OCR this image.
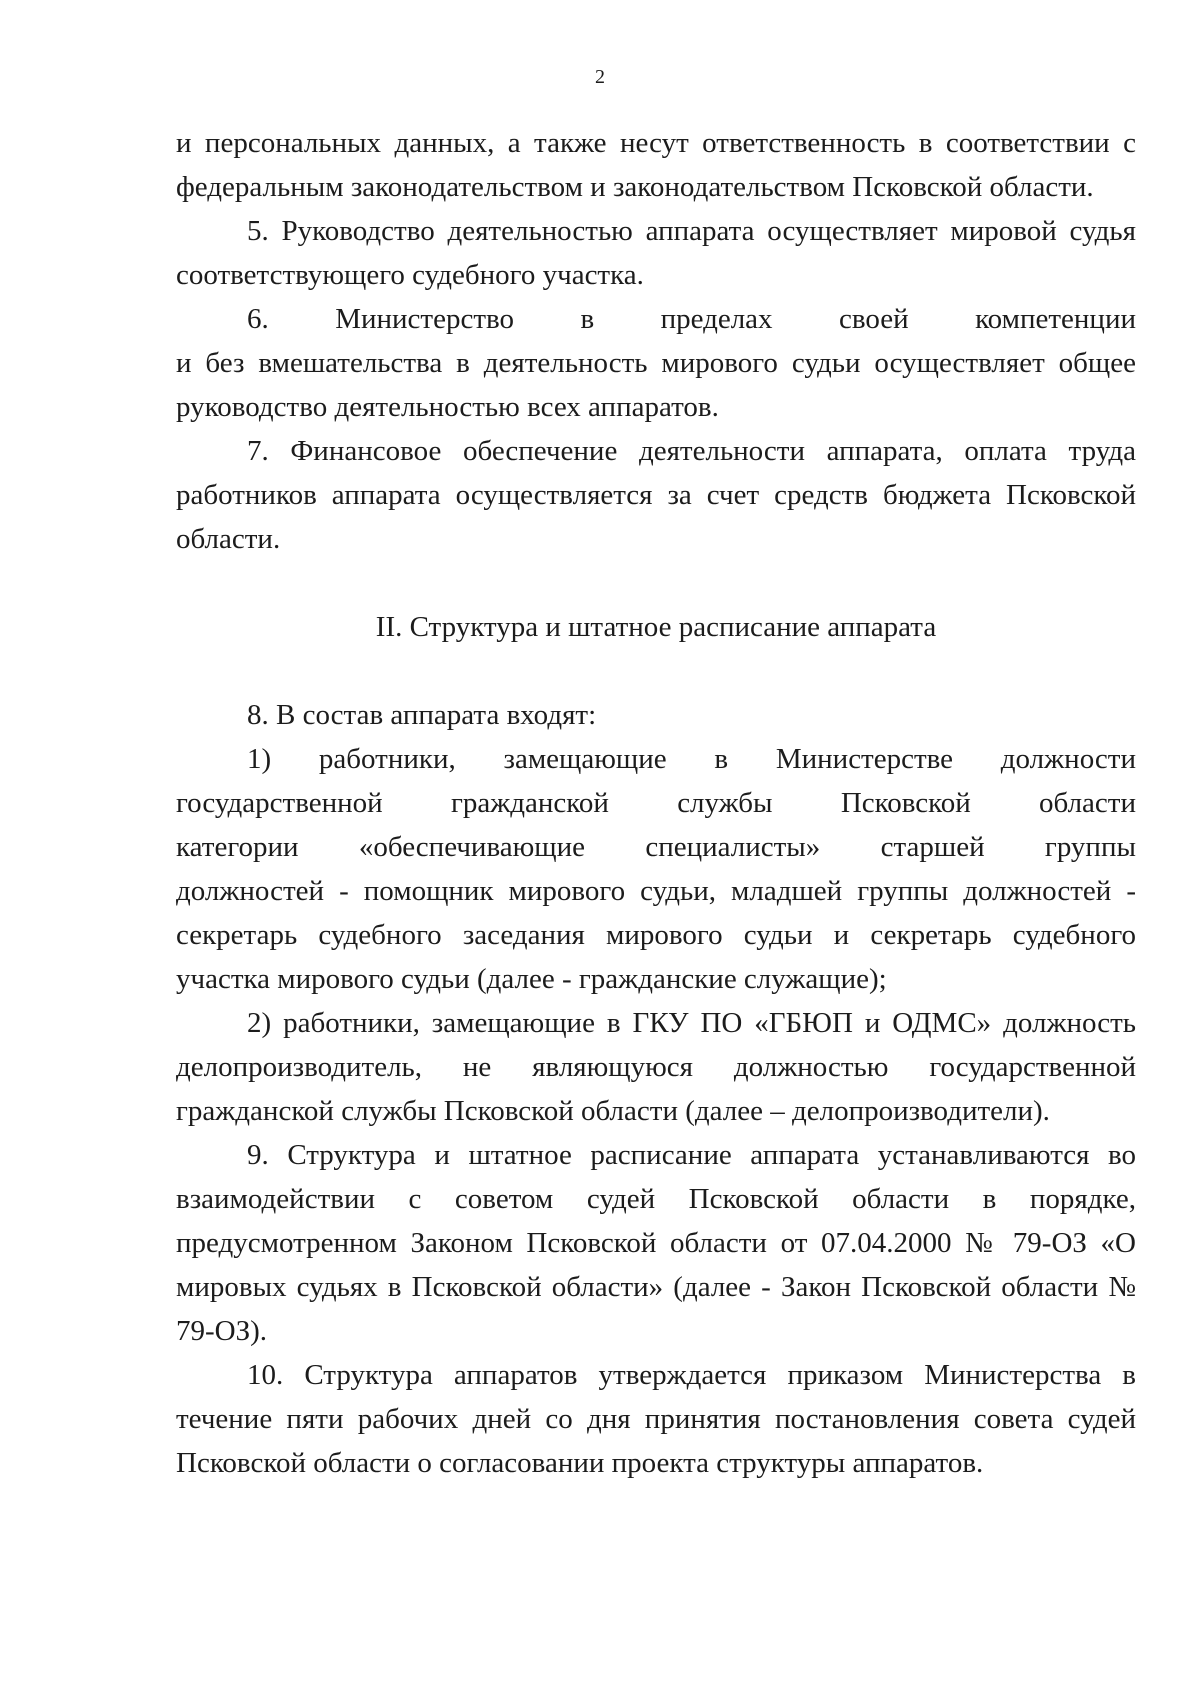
2

и персональных данных, а также несут ответственность в соответствии с федеральным законодательством и законодательством Псковской области.

5. Руководство деятельностью аппарата осуществляет мировой судья соответствующего судебного участка.

6. Министерство в пределах своей компетенции

и без вмешательства в деятельность мирового судьи осуществляет общее руководство деятельностью всех аппаратов.

7. Финансовое обеспечение деятельности аппарата, оплата труда работников аппарата осуществляется за счет средств бюджета Псковской области.

II. Структура и штатное расписание аппарата

8. В состав аппарата входят:

1) работники, замещающие в Министерстве должности
государственной гражданской службы Псковской области
категории «обеспечивающие специалисты» старшей группы

должностей - помощник мирового судьи, младшей группы должностей - секретарь судебного заседания мирового судьи и секретарь судебного участка мирового судьи (далее - гражданские служащие);

2) работники, замещающие в ГКУ ПО «ГБЮП и ОДМС» должность делопроизводитель, не являющуюся должностью государственной гражданской службы Псковской области (далее – делопроизводители).

9. Структура и штатное расписание аппарата устанавливаются во взаимодействии с советом судей Псковской области в порядке, предусмотренном Законом Псковской области от 07.04.2000 № 79-ОЗ «О мировых судьях в Псковской области» (далее - Закон Псковской области № 79-ОЗ).

10. Структура аппаратов утверждается приказом Министерства в течение пяти рабочих дней со дня принятия постановления совета судей Псковской области о согласовании проекта структуры аппаратов.
